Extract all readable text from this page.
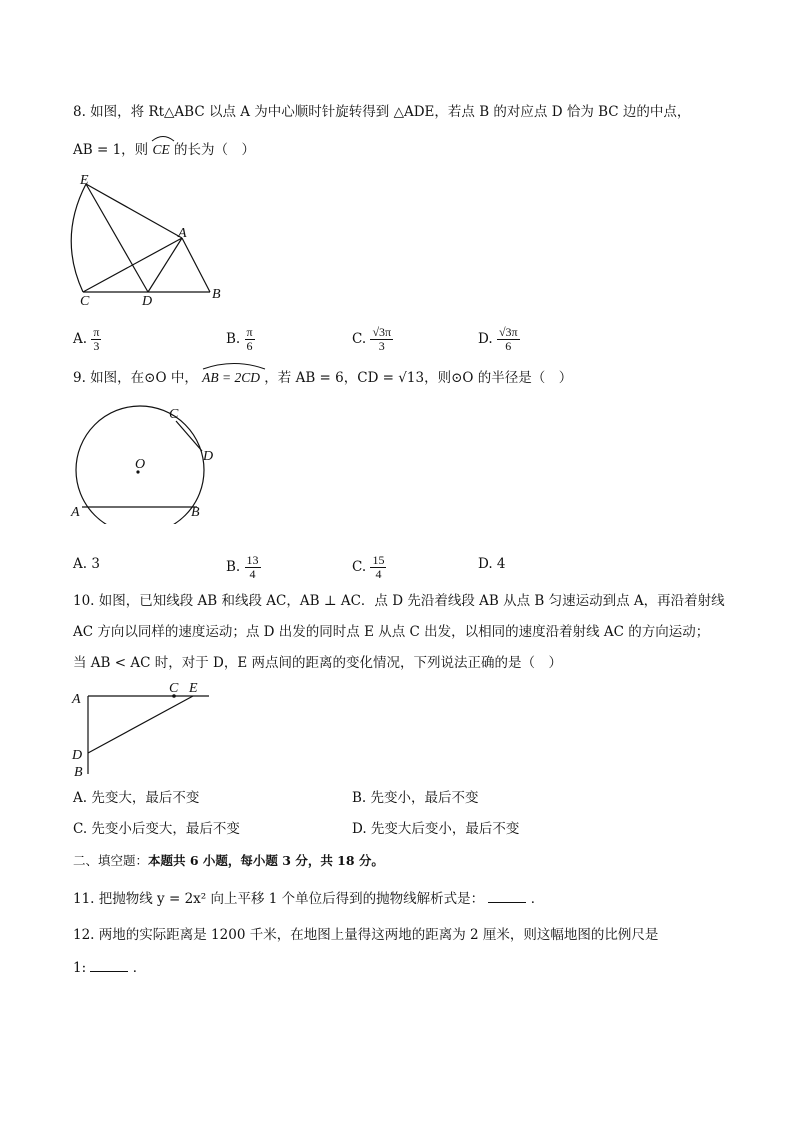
8. 如图，将 Rt△ABC 以点 A 为中心顺时针旋转得到 △ADE，若点 B 的对应点 D 恰为 BC 边的中点，
AB = 1，则 CE 的长为（　）
E
A
C	D	B
A. $\frac{\pi}{3}$	B. $\frac{\pi}{6}$	C. $\frac{√3\pi}{3}$	D. $\frac{√3\pi}{6}$
9. 如图，在⊙O 中， AB = 2CD ，若 AB = 6，CD = √13，则⊙O 的半径是（　）
C
O
D
A	B
A. 3	B. $\frac{13}{4}$	C. $\frac{15}{4}$	D. 4
10. 如图，已知线段 AB 和线段 AC，AB ⊥ AC．点 D 先沿着线段 AB 从点 B 匀速运动到点 A，再沿着射线
AC 方向以同样的速度运动；点 D 出发的同时点 E 从点 C 出发，以相同的速度沿着射线 AC 的方向运动；
当 AB < AC 时，对于 D，E 两点间的距离的变化情况，下列说法正确的是（　）
A
C E
D
B
A. 先变大，最后不变	B. 先变小，最后不变
C. 先变小后变大，最后不变	D. 先变大后变小，最后不变
二、填空题：本题共 6 小题，每小题 3 分，共 18 分。
11. 把抛物线 y = 2x² 向上平移 1 个单位后得到的抛物线解析式是：	．
12. 两地的实际距离是 1200 千米，在地图上量得这两地的距离为 2 厘米，则这幅地图的比例尺是
1:	．
